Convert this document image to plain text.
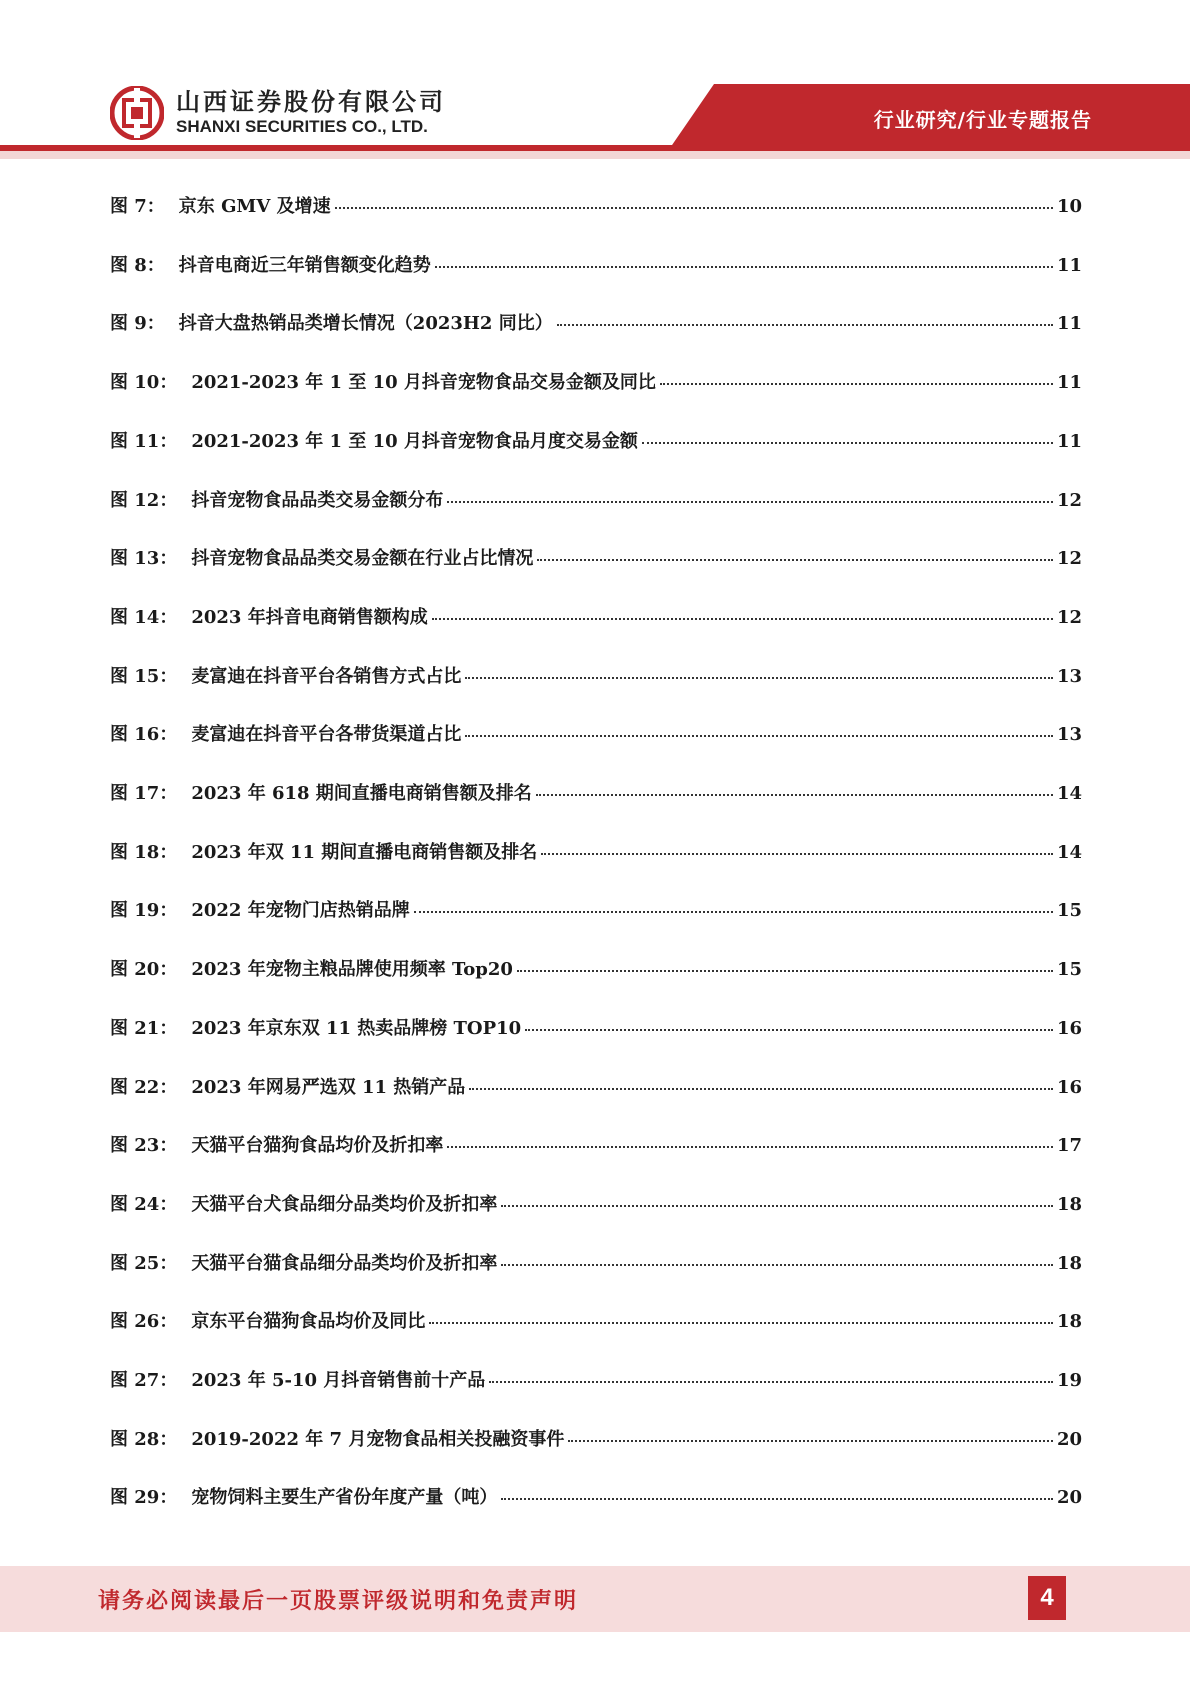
山西证券股份有限公司
SHANXI SECURITIES CO., LTD.	行业研究/行业专题报告
图 7： 京东 GMV 及增速	10
图 8： 抖音电商近三年销售额变化趋势	11
图 9： 抖音大盘热销品类增长情况（2023H2 同比）	11
图 10： 2021-2023 年 1 至 10 月抖音宠物食品交易金额及同比	11
图 11： 2021-2023 年 1 至 10 月抖音宠物食品月度交易金额	11
图 12： 抖音宠物食品品类交易金额分布	12
图 13： 抖音宠物食品品类交易金额在行业占比情况	12
图 14： 2023 年抖音电商销售额构成	12
图 15： 麦富迪在抖音平台各销售方式占比	13
图 16： 麦富迪在抖音平台各带货渠道占比	13
图 17： 2023 年 618 期间直播电商销售额及排名	14
图 18： 2023 年双 11 期间直播电商销售额及排名	14
图 19： 2022 年宠物门店热销品牌	15
图 20： 2023 年宠物主粮品牌使用频率 Top20	15
图 21： 2023 年京东双 11 热卖品牌榜 TOP10	16
图 22： 2023 年网易严选双 11 热销产品	16
图 23： 天猫平台猫狗食品均价及折扣率	17
图 24： 天猫平台犬食品细分品类均价及折扣率	18
图 25： 天猫平台猫食品细分品类均价及折扣率	18
图 26： 京东平台猫狗食品均价及同比	18
图 27： 2023 年 5-10 月抖音销售前十产品	19
图 28： 2019-2022 年 7 月宠物食品相关投融资事件	20
图 29： 宠物饲料主要生产省份年度产量（吨）	20
请务必阅读最后一页股票评级说明和免责声明	4
